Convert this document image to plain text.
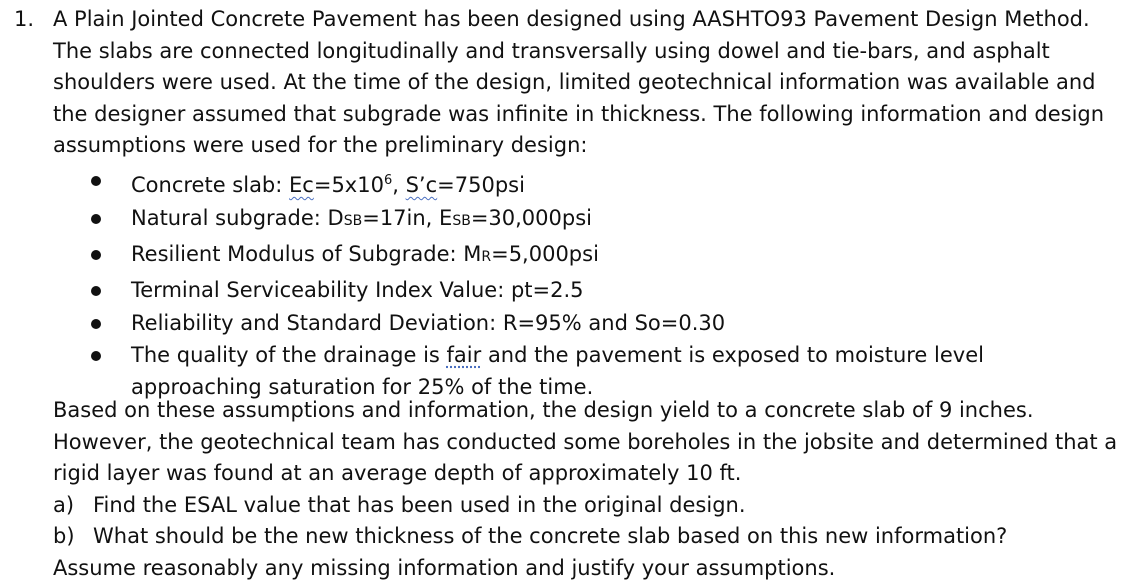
1. A Plain Jointed Concrete Pavement has been designed using AASHTO93 Pavement Design Method. The slabs are connected longitudinally and transversally using dowel and tie-bars, and asphalt shoulders were used. At the time of the design, limited geotechnical information was available and the designer assumed that subgrade was infinite in thickness. The following information and design assumptions were used for the preliminary design:
Concrete slab: $Ec=5x10^6$, S’c=750psi
Natural subgrade: DSB=17in, ESB=30,000psi
Resilient Modulus of Subgrade: MR=5,000psi
Terminal Serviceability Index Value: pt=2.5
Reliability and Standard Deviation: R=95% and So=0.30
The quality of the drainage is fair and the pavement is exposed to moisture level approaching saturation for 25% of the time.
Based on these assumptions and information, the design yield to a concrete slab of 9 inches. However, the geotechnical team has conducted some boreholes in the jobsite and determined that a rigid layer was found at an average depth of approximately 10 ft.
a) Find the ESAL value that has been used in the original design.
b) What should be the new thickness of the concrete slab based on this new information?
Assume reasonably any missing information and justify your assumptions.
